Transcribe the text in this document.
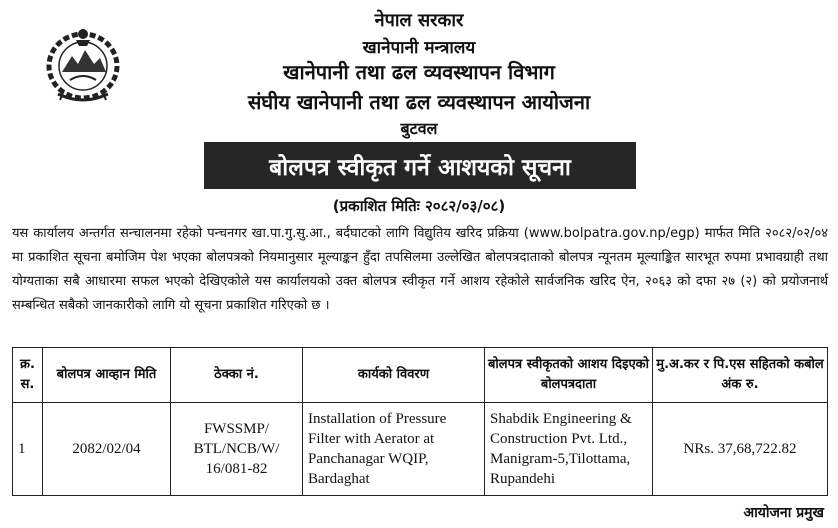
नेपाल सरकार
खानेपानी मन्त्रालय
खानेपानी तथा ढल व्यवस्थापन विभाग
संघीय खानेपानी तथा ढल व्यवस्थापन आयोजना
बुटवल
बोलपत्र स्वीकृत गर्ने आशयको सूचना
(प्रकाशित मितिः २०८२/०३/०८)
यस कार्यालय अन्तर्गत सन्चालनमा रहेको पन्चनगर खा.पा.गु.सु.आ., बर्दघाटको लागि विद्युतिय खरिद प्रक्रिया (www.bolpatra.gov.np/egp) मार्फत मिति २०८२/०२/०४ मा प्रकाशित सूचना बमोजिम पेश भएका बोलपत्रको नियमानुसार मूल्याङ्कन हुँदा तपसिलमा उल्लेखित बोलपत्रदाताको बोलपत्र न्यूनतम मूल्याङ्कित सारभूत रुपमा प्रभावग्राही तथा योग्यताका सबै आधारमा सफल भएको देखिएकोले यस कार्यालयको उक्त बोलपत्र स्वीकृत गर्ने आशय रहेकोले सार्वजनिक खरिद ऐन, २०६३ को दफा २७ (२) को प्रयोजनार्थ सम्बन्धित सबैको जानकारीको लागि यो सूचना प्रकाशित गरिएको छ ।
क्र. स.	बोलपत्र आव्हान मिति	ठेक्का नं.	कार्यको विवरण	बोलपत्र स्वीकृतको आशय दिइएको बोलपत्रदाता	मु.अ.कर र पि.एस सहितको कबोल अंक रु.
1	2082/02/04	FWSSMP/ BTL/NCB/W/ 16/081-82	Installation of Pressure Filter with Aerator at Panchanagar WQIP, Bardaghat	Shabdik Engineering & Construction Pvt. Ltd., Manigram-5,Tilottama, Rupandehi	NRs. 37,68,722.82
आयोजना प्रमुख
